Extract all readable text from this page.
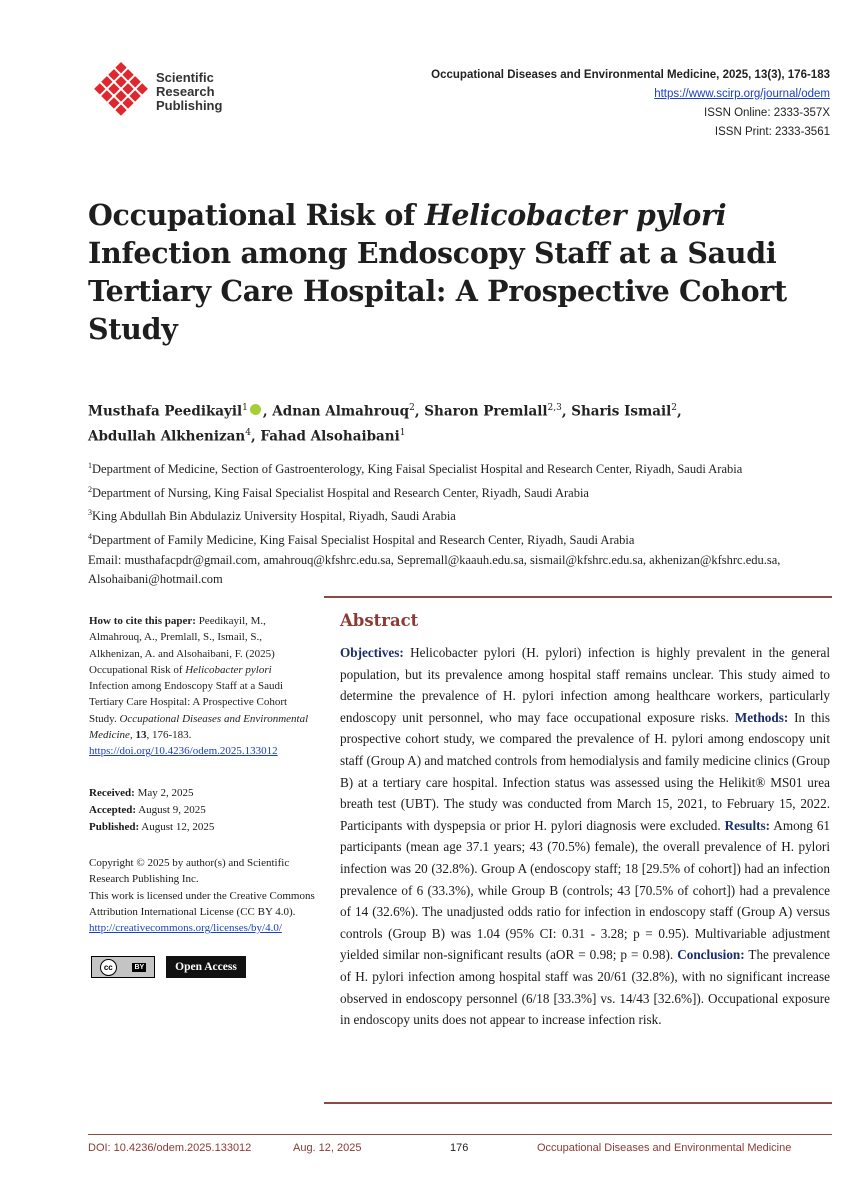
Scientific
Research
Publishing
Occupational Diseases and Environmental Medicine, 2025, 13(3), 176-183
https://www.scirp.org/journal/odem
ISSN Online: 2333-357X
ISSN Print: 2333-3561
Occupational Risk of Helicobacter pylori Infection among Endoscopy Staff at a Saudi Tertiary Care Hospital: A Prospective Cohort Study
Musthafa Peedikayil$^1$ , Adnan Almahrouq$^2$, Sharon Premlall$^{2,3}$, Sharis Ismail$^2$,
Abdullah Alkhenizan$^4$, Fahad Alsohaibani$^1$
$^1$Department of Medicine, Section of Gastroenterology, King Faisal Specialist Hospital and Research Center, Riyadh, Saudi Arabia
$^2$Department of Nursing, King Faisal Specialist Hospital and Research Center, Riyadh, Saudi Arabia
$^3$King Abdullah Bin Abdulaziz University Hospital, Riyadh, Saudi Arabia
$^4$Department of Family Medicine, King Faisal Specialist Hospital and Research Center, Riyadh, Saudi Arabia
Email: musthafacpdr@gmail.com, amahrouq@kfshrc.edu.sa, Sepremall@kaauh.edu.sa, sismail@kfshrc.edu.sa, akhenizan@kfshrc.edu.sa, Alsohaibani@hotmail.com
How to cite this paper: Peedikayil, M., Almahrouq, A., Premlall, S., Ismail, S., Alkhenizan, A. and Alsohaibani, F. (2025) Occupational Risk of Helicobacter pylori Infection among Endoscopy Staff at a Saudi Tertiary Care Hospital: A Prospective Cohort Study. Occupational Diseases and Environmental Medicine, 13, 176-183.
https://doi.org/10.4236/odem.2025.133012
Received: May 2, 2025
Accepted: August 9, 2025
Published: August 12, 2025
Copyright © 2025 by author(s) and Scientific Research Publishing Inc.
This work is licensed under the Creative Commons Attribution International License (CC BY 4.0).
http://creativecommons.org/licenses/by/4.0/
cc	BY	Open Access
Abstract
Objectives: Helicobacter pylori (H. pylori) infection is highly prevalent in the general population, but its prevalence among hospital staff remains unclear. This study aimed to determine the prevalence of H. pylori infection among healthcare workers, particularly endoscopy unit personnel, who may face occupational exposure risks. Methods: In this prospective cohort study, we compared the prevalence of H. pylori among endoscopy unit staff (Group A) and matched controls from hemodialysis and family medicine clinics (Group B) at a tertiary care hospital. Infection status was assessed using the Helikit® MS01 urea breath test (UBT). The study was conducted from March 15, 2021, to February 15, 2022. Participants with dyspepsia or prior H. pylori diagnosis were excluded. Results: Among 61 participants (mean age 37.1 years; 43 (70.5%) female), the overall prevalence of H. pylori infection was 20 (32.8%). Group A (endoscopy staff; 18 [29.5% of cohort]) had an infection prevalence of 6 (33.3%), while Group B (controls; 43 [70.5% of cohort]) had a prevalence of 14 (32.6%). The unadjusted odds ratio for infection in endoscopy staff (Group A) versus controls (Group B) was 1.04 (95% CI: 0.31 - 3.28; p = 0.95). Multivariable adjustment yielded similar non-significant results (aOR = 0.98; p = 0.98). Conclusion: The prevalence of H. pylori infection among hospital staff was 20/61 (32.8%), with no significant increase observed in endoscopy personnel (6/18 [33.3%] vs. 14/43 [32.6%]). Occupational exposure in endoscopy units does not appear to increase infection risk.
DOI: 10.4236/odem.2025.133012	Aug. 12, 2025	176	Occupational Diseases and Environmental Medicine
